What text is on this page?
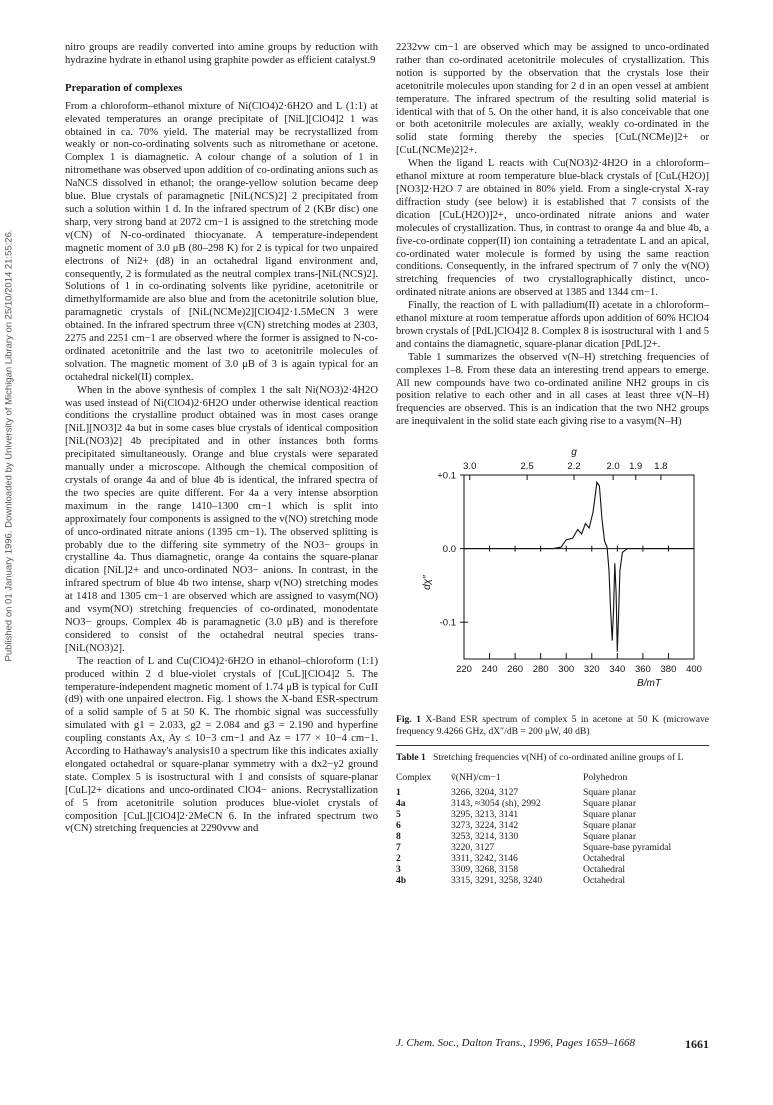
Published on 01 January 1996. Downloaded by University of Michigan Library on 25/10/2014 21:55:26.

nitro groups are readily converted into amine groups by reduction with hydrazine hydrate in ethanol using graphite powder as efficient catalyst.9

Preparation of complexes

From a chloroform–ethanol mixture of Ni(ClO4)2·6H2O and L (1:1) at elevated temperatures an orange precipitate of [NiL][ClO4]2 1 was obtained in ca. 70% yield. The material may be recrystallized from weakly or non-co-ordinating solvents such as nitromethane or acetone. Complex 1 is diamagnetic. A colour change of a solution of 1 in nitromethane was observed upon addition of co-ordinating anions such as NaNCS dissolved in ethanol; the orange-yellow solution became deep blue. Blue crystals of paramagnetic [NiL(NCS)2] 2 precipitated from such a solution within 1 d. In the infrared spectrum of 2 (KBr disc) one sharp, very strong band at 2072 cm−1 is assigned to the stretching mode v(CN) of N-co-ordinated thiocyanate. A temperature-independent magnetic moment of 3.0 μB (80–298 K) for 2 is typical for two unpaired electrons of Ni2+ (d8) in an octahedral ligand environment and, consequently, 2 is formulated as the neutral complex trans-[NiL(NCS)2]. Solutions of 1 in co-ordinating solvents like pyridine, acetonitrile or dimethylformamide are also blue and from the acetonitrile solution blue, paramagnetic crystals of [NiL(NCMe)2][ClO4]2·1.5MeCN 3 were obtained. In the infrared spectrum three v(CN) stretching modes at 2303, 2275 and 2251 cm−1 are observed where the former is assigned to N-co-ordinated acetonitrile and the last two to acetonitrile molecules of solvation. The magnetic moment of 3.0 μB of 3 is again typical for an octahedral nickel(II) complex.

When in the above synthesis of complex 1 the salt Ni(NO3)2·4H2O was used instead of Ni(ClO4)2·6H2O under otherwise identical reaction conditions the crystalline product obtained was in most cases orange [NiL][NO3]2 4a but in some cases blue crystals of identical composition [NiL(NO3)2] 4b precipitated and in other instances both forms precipitated simultaneously. Orange and blue crystals were separated manually under a microscope. Although the chemical composition of crystals of orange 4a and of blue 4b is identical, the infrared spectra of the two species are quite different. For 4a a very intense absorption maximum in the range 1410–1300 cm−1 which is split into approximately four components is assigned to the v(NO) stretching mode of unco-ordinated nitrate anions (1395 cm−1). The observed splitting is probably due to the differing site symmetry of the NO3− groups in crystalline 4a. Thus diamagnetic, orange 4a contains the square-planar dication [NiL]2+ and unco-ordinated NO3− anions. In contrast, in the infrared spectrum of blue 4b two intense, sharp v(NO) stretching modes at 1418 and 1305 cm−1 are observed which are assigned to vasym(NO) and vsym(NO) stretching frequencies of co-ordinated, monodentate NO3− groups. Complex 4b is paramagnetic (3.0 μB) and is therefore considered to consist of the octahedral neutral species trans-[NiL(NO3)2].

The reaction of L and Cu(ClO4)2·6H2O in ethanol–chloroform (1:1) produced within 2 d blue-violet crystals of [CuL][ClO4]2 5. The temperature-independent magnetic moment of 1.74 μB is typical for CuII (d9) with one unpaired electron. Fig. 1 shows the X-band ESR-spectrum of a solid sample of 5 at 50 K. The rhombic signal was successfully simulated with g1 = 2.033, g2 = 2.084 and g3 = 2.190 and hyperfine coupling constants Ax, Ay ≤ 10−3 cm−1 and Az = 177 × 10−4 cm−1. According to Hathaway's analysis10 a spectrum like this indicates axially elongated octahedral or square-planar symmetry with a dx2−y2 ground state. Complex 5 is isostructural with 1 and consists of square-planar [CuL]2+ dications and unco-ordinated ClO4− anions. Recrystallization of 5 from acetonitrile solution produces blue-violet crystals of composition [CuL][ClO4]2·2MeCN 6. In the infrared spectrum two v(CN) stretching frequencies at 2290vvw and

2232vw cm−1 are observed which may be assigned to unco-ordinated rather than co-ordinated acetonitrile molecules of crystallization. This notion is supported by the observation that the crystals lose their acetonitrile molecules upon standing for 2 d in an open vessel at ambient temperature. The infrared spectrum of the resulting solid material is identical with that of 5. On the other hand, it is also conceivable that one or both acetonitrile molecules are axially, weakly co-ordinated in the solid state forming thereby the species [CuL(NCMe)]2+ or [CuL(NCMe)2]2+.

When the ligand L reacts with Cu(NO3)2·4H2O in a chloroform–ethanol mixture at room temperature blue-black crystals of [CuL(H2O)][NO3]2·H2O 7 are obtained in 80% yield. From a single-crystal X-ray diffraction study (see below) it is established that 7 consists of the dication [CuL(H2O)]2+, unco-ordinated nitrate anions and water molecules of crystallization. Thus, in contrast to orange 4a and blue 4b, a five-co-ordinate copper(II) ion containing a tetradentate L and an apical, co-ordinated water molecule is formed by using the same reaction conditions. Consequently, in the infrared spectrum of 7 only the v(NO) stretching frequencies of two crystallographically distinct, unco-ordinated nitrate anions are observed at 1385 and 1344 cm−1.

Finally, the reaction of L with palladium(II) acetate in a chloroform–ethanol mixture at room temperatue affords upon addition of 60% HClO4 brown crystals of [PdL]ClO4]2 8. Complex 8 is isostructural with 1 and 5 and contains the diamagnetic, square-planar dication [PdL]2+.

Table 1 summarizes the observed v(N–H) stretching frequencies of complexes 1–8. From these data an interesting trend appears to emerge. All new compounds have two co-ordinated aniline NH2 groups in cis position relative to each other and in all cases at least three v(N–H) frequencies are observed. This is an indication that the two NH2 groups are inequivalent in the solid state each giving rise to a vasym(N–H)

220 240 260 280 300 320 340 360 380 400
+0.1
0.0
-0.1
3.0	2.5	2.2	2.0 1.9 1.8
g
B/mT
dχ″

Fig. 1 X-Band ESR spectrum of complex 5 in acetone at 50 K (microwave frequency 9.4266 GHz, dX″/dB = 200 μW, 40 dB)

Table 1 Stretching frequencies v(NH) of co-ordinated aniline groups of L
Complex	ṽ(NH)/cm−1	Polyhedron
1	3266, 3204, 3127	Square planar
4a	3143, ≈3054 (sh), 2992	Square planar
5	3295, 3213, 3141	Square planar
6	3273, 3224, 3142	Square planar
8	3253, 3214, 3130	Square planar
7	3220, 3127	Square-base pyramidal
2	3311, 3242, 3146	Octahedral
3	3309, 3268, 3158	Octahedral
4b	3315, 3291, 3258, 3240	Octahedral
J. Chem. Soc., Dalton Trans., 1996, Pages 1659–1668	1661
